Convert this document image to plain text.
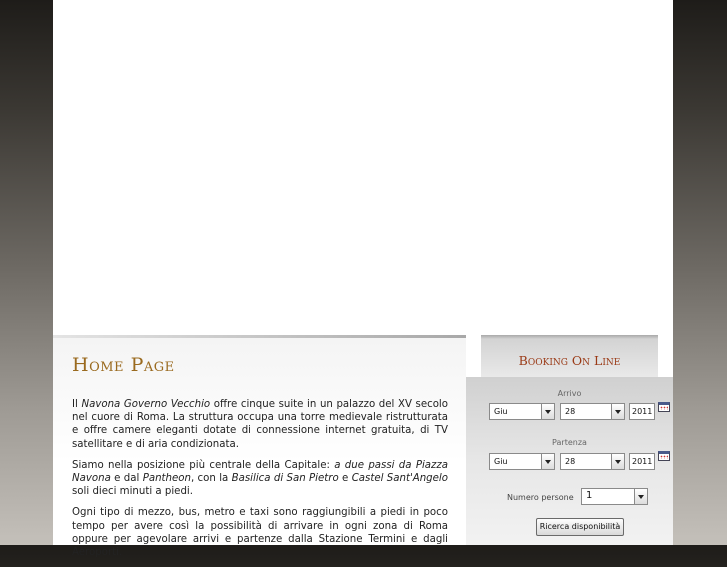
Home Page

Il Navona Governo Vecchio offre cinque suite in un palazzo del XV secolo nel cuore di Roma. La struttura occupa una torre medievale ristrutturata e offre camere eleganti dotate di connessione internet gratuita, di TV satellitare e di aria condizionata.

Siamo nella posizione più centrale della Capitale: a due passi da Piazza Navona e dal Pantheon, con la Basilica di San Pietro e Castel Sant'Angelo soli dieci minuti a piedi.

Ogni tipo di mezzo, bus, metro e taxi sono raggiungibili a piedi in poco tempo per avere così la possibilità di arrivare in ogni zona di Roma oppure per agevolare arrivi e partenze dalla Stazione Termini e dagli Aeroporti.

Booking On Line
Arrivo
Giu	28	2011
Partenza
Giu	28	2011
Numero persone	1
Ricerca disponibilità
